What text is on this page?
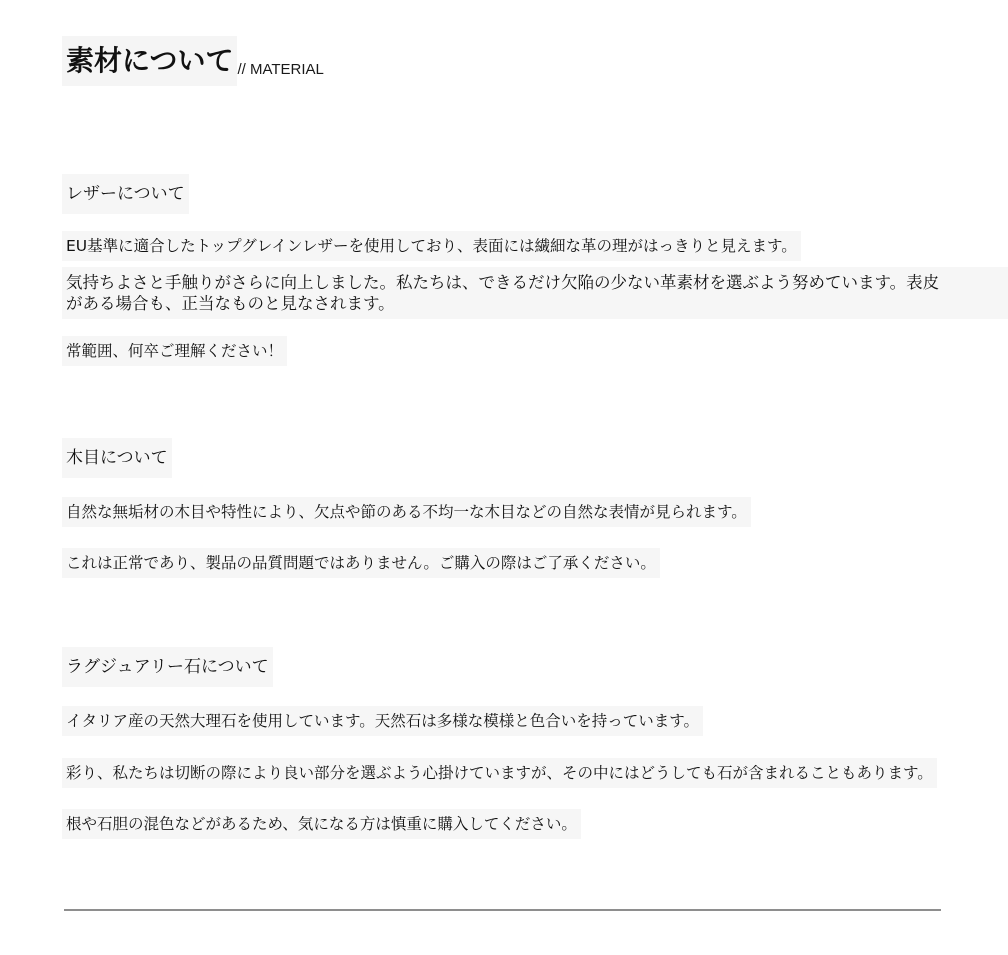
素材について // MATERIAL
レザーについて
EU基準に適合したトップグレインレザーを使用しており、表面には繊細な革の理がはっきりと見えます。
気持ちよさと手触りがさらに向上しました。私たちは、できるだけ欠陥の少ない革素材を選ぶよう努めています。表皮
がある場合も、正当なものと見なされます。
常範囲、何卒ご理解ください！
木目について
自然な無垢材の木目や特性により、欠点や節のある不均一な木目などの自然な表情が見られます。
これは正常であり、製品の品質問題ではありません。ご購入の際はご了承ください。
ラグジュアリー石について
イタリア産の天然大理石を使用しています。天然石は多様な模様と色合いを持っています。
彩り、私たちは切断の際により良い部分を選ぶよう心掛けていますが、その中にはどうしても石が含まれることもあります。
根や石胆の混色などがあるため、気になる方は慎重に購入してください。
